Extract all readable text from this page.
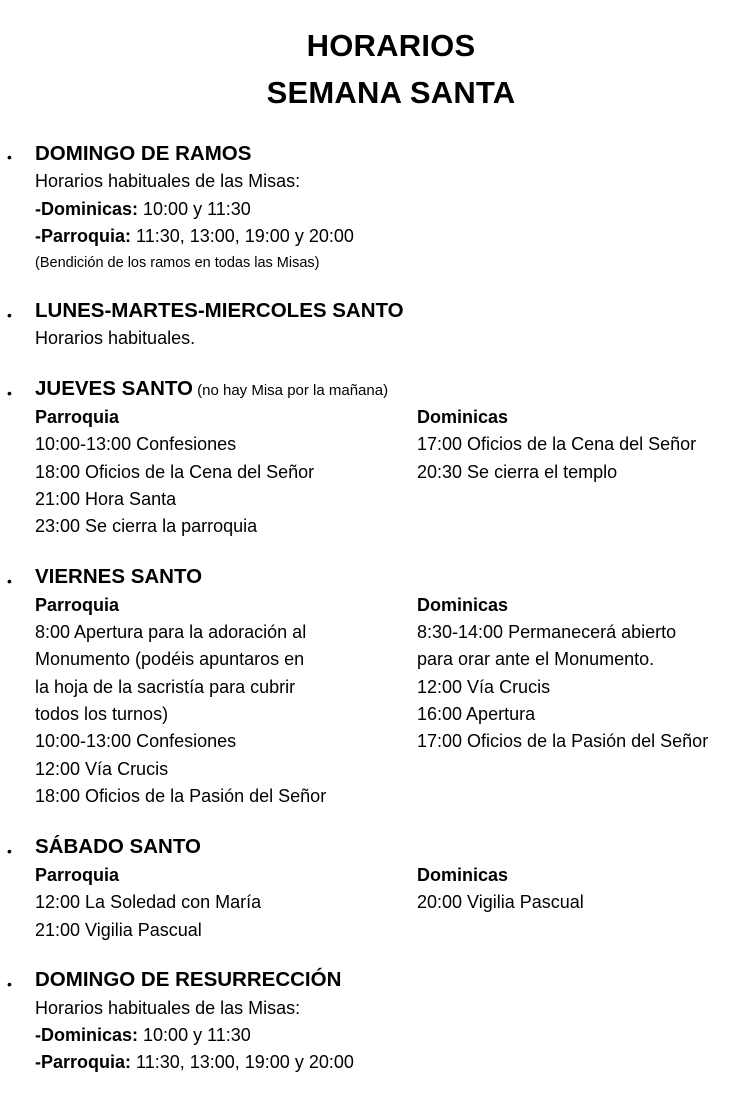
HORARIOS
SEMANA SANTA
• DOMINGO DE RAMOS
Horarios habituales de las Misas:
-Dominicas: 10:00 y 11:30
-Parroquia: 11:30, 13:00, 19:00 y 20:00
(Bendición de los ramos en todas las Misas)
• LUNES-MARTES-MIERCOLES SANTO
Horarios habituales.
• JUEVES SANTO (no hay Misa por la mañana)
Parroquia
10:00-13:00 Confesiones
18:00 Oficios de la Cena del Señor
21:00 Hora Santa
23:00 Se cierra la parroquia
Dominicas
17:00 Oficios de la Cena del Señor
20:30 Se cierra el templo
• VIERNES SANTO
Parroquia
8:00 Apertura para la adoración al
Monumento (podéis apuntaros en
la hoja de la sacristía para cubrir
todos los turnos)
10:00-13:00 Confesiones
12:00 Vía Crucis
18:00 Oficios de la Pasión del Señor
Dominicas
8:30-14:00 Permanecerá abierto
para orar ante el Monumento.
12:00 Vía Crucis
16:00 Apertura
17:00 Oficios de la Pasión del Señor
• SÁBADO SANTO
Parroquia
12:00 La Soledad con María
21:00 Vigilia Pascual
Dominicas
20:00 Vigilia Pascual
• DOMINGO DE RESURRECCIÓN
Horarios habituales de las Misas:
-Dominicas: 10:00 y 11:30
-Parroquia: 11:30, 13:00, 19:00 y 20:00
